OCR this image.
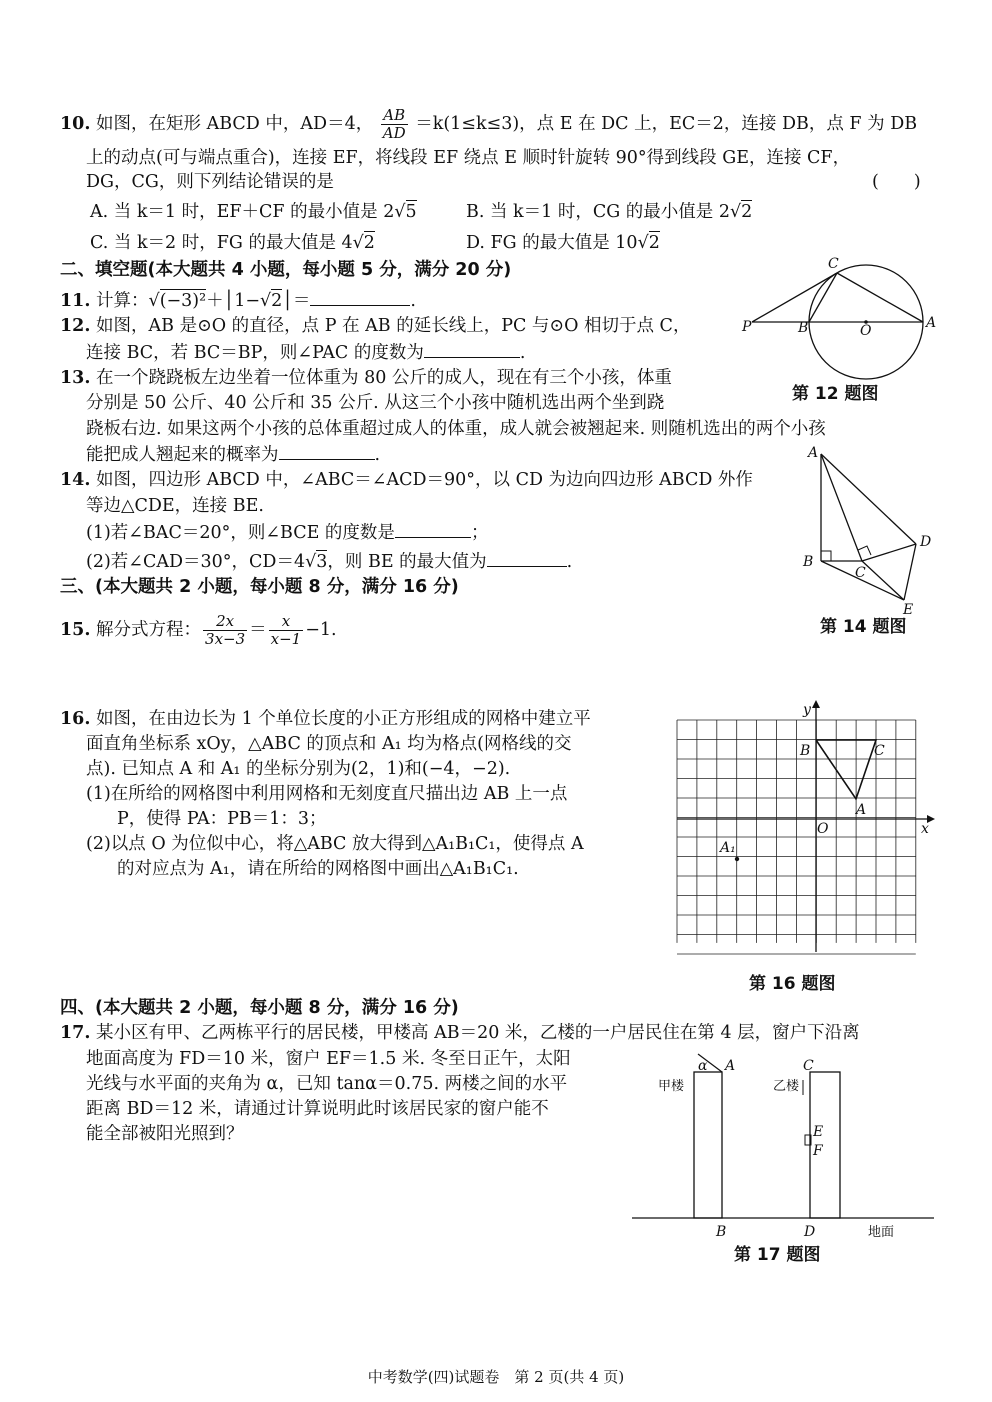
10. 如图，在矩形 ABCD 中，AD＝4， $\frac{AB}{AD} =k(1\le k\le 3)$，点 E 在 DC 上，EC＝2，连接 DB，点 F 为 DB
上的动点(可与端点重合)，连接 EF，将线段 EF 绕点 E 顺时针旋转 90°得到线段 GE，连接 CF，
DG，CG，则下列结论错误的是	(　　)
A. 当 k＝1 时，EF＋CF 的最小值是 2√5	B. 当 k＝1 时，CG 的最小值是 2√2
C. 当 k＝2 时，FG 的最大值是 4√2	D. FG 的最大值是 10√2
二、填空题(本大题共 4 小题，每小题 5 分，满分 20 分)
11. 计算：√(−3)²＋│1−√2│＝	.
12. 如图，AB 是⊙O 的直径，点 P 在 AB 的延长线上，PC 与⊙O 相切于点 C，
连接 BC，若 BC＝BP，则∠PAC 的度数为	.
13. 在一个跷跷板左边坐着一位体重为 80 公斤的成人，现在有三个小孩，体重
分别是 50 公斤、40 公斤和 35 公斤. 从这三个小孩中随机选出两个坐到跷
跷板右边. 如果这两个小孩的总体重超过成人的体重，成人就会被翘起来. 则随机选出的两个小孩
能把成人翘起来的概率为	.
14. 如图，四边形 ABCD 中，∠ABC＝∠ACD＝90°，以 CD 为边向四边形 ABCD 外作
等边△CDE，连接 BE.
(1)若∠BAC＝20°，则∠BCE 的度数是	；
(2)若∠CAD＝30°，CD＝4√3，则 BE 的最大值为	.
三、(本大题共 2 小题，每小题 8 分，满分 16 分)
15. 解分式方程： $\frac{2x}{3x-3} = \frac{x}{x-1} -1$.
16. 如图，在由边长为 1 个单位长度的小正方形组成的网格中建立平
面直角坐标系 xOy，△ABC 的顶点和 A₁ 均为格点(网格线的交
点). 已知点 A 和 A₁ 的坐标分别为(2，1)和(−4，−2).
(1)在所给的网格图中利用网格和无刻度直尺描出边 AB 上一点
P，使得 PA：PB＝1：3；
(2)以点 O 为位似中心，将△ABC 放大得到△A₁B₁C₁，使得点 A
的对应点为 A₁，请在所给的网格图中画出△A₁B₁C₁.
四、(本大题共 2 小题，每小题 8 分，满分 16 分)
17. 某小区有甲、乙两栋平行的居民楼，甲楼高 AB＝20 米，乙楼的一户居民住在第 4 层，窗户下沿离
地面高度为 FD＝10 米，窗户 EF＝1.5 米. 冬至日正午，太阳
光线与水平面的夹角为 α，已知 tanα＝0.75. 两楼之间的水平
距离 BD＝12 米，请通过计算说明此时该居民家的窗户能不
能全部被阳光照到？
P	B	O	A
C
第 12 题图
A
B
C
D
E
第 14 题图
x
y
O
B	C
A
A₁
第 16 题图
α A
B
C
D
E
F
甲楼	乙楼
地面
第 17 题图
中考数学(四)试题卷　第 2 页(共 4 页)
